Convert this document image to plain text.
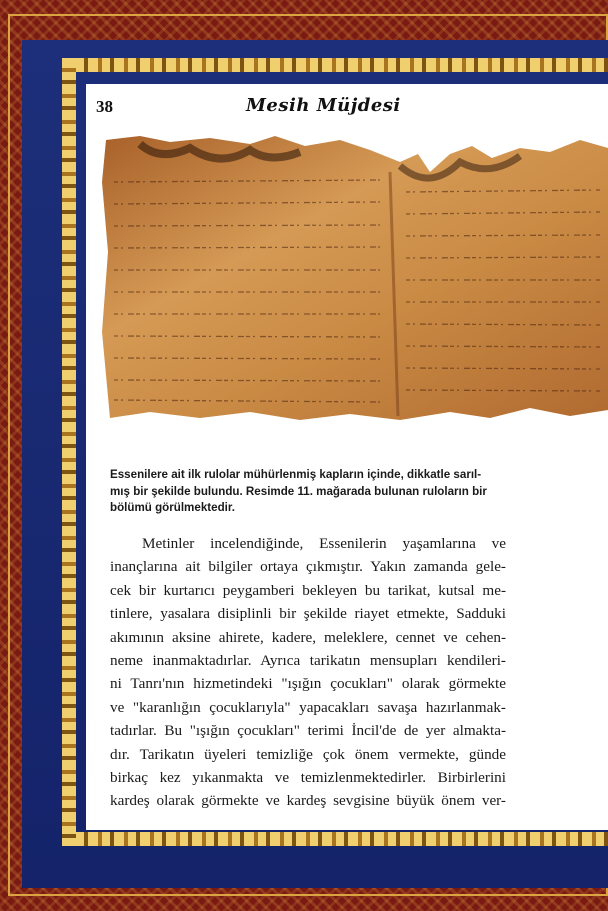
38	Mesih Müjdesi
Essenilere ait ilk rulolar mühürlenmiş kapların içinde, dikkatle sarıl-
mış bir şekilde bulundu. Resimde 11. mağarada bulunan ruloların bir
bölümü görülmektedir.
Metinler incelendiğinde, Essenilerin yaşamlarına ve
inançlarına ait bilgiler ortaya çıkmıştır. Yakın zamanda gele-
cek bir kurtarıcı peygamberi bekleyen bu tarikat, kutsal me-
tinlere, yasalara disiplinli bir şekilde riayet etmekte, Sadduki
akımının aksine ahirete, kadere, meleklere, cennet ve cehen-
neme inanmaktadırlar. Ayrıca tarikatın mensupları kendileri-
ni Tanrı'nın hizmetindeki "ışığın çocukları" olarak görmekte
ve "karanlığın çocuklarıyla" yapacakları savaşa hazırlanmak-
tadırlar. Bu "ışığın çocukları" terimi İncil'de de yer almakta-
dır. Tarikatın üyeleri temizliğe çok önem vermekte, günde
birkaç kez yıkanmakta ve temizlenmektedirler. Birbirlerini
kardeş olarak görmekte ve kardeş sevgisine büyük önem ver-
